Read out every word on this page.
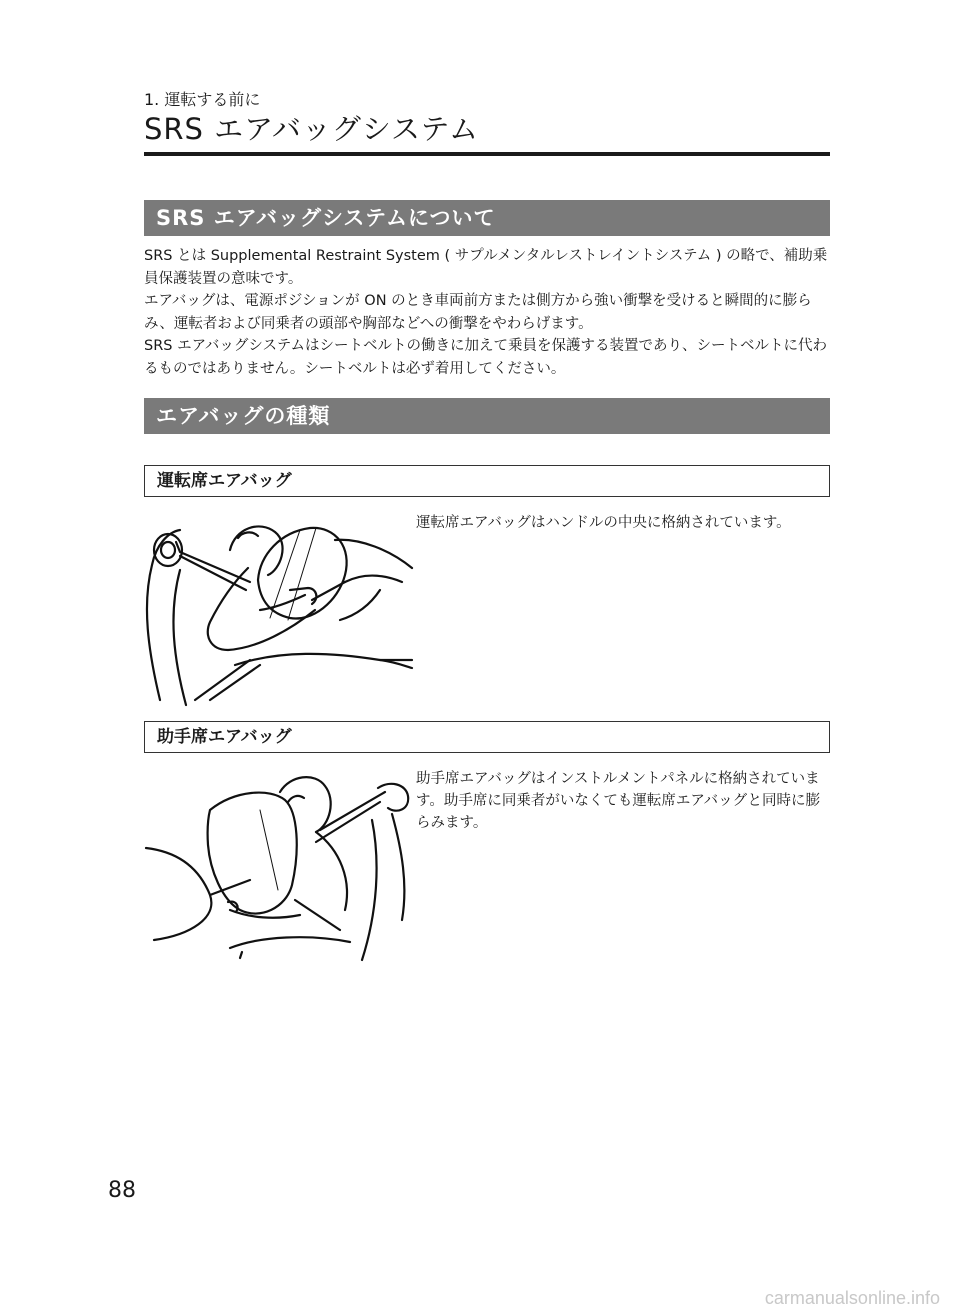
1. 運転する前に
SRS エアバッグシステム
SRS エアバッグシステムについて

SRS とは Supplemental Restraint System ( サプルメンタルレストレイントシステム ) の略で、補助乗員保護装置の意味です。

エアバッグは、電源ポジションが ON のとき車両前方または側方から強い衝撃を受けると瞬間的に膨らみ、運転者および同乗者の頭部や胸部などへの衝撃をやわらげます。

SRS エアバッグシステムはシートベルトの働きに加えて乗員を保護する装置であり、シートベルトに代わるものではありません。シートベルトは必ず着用してください。

エアバッグの種類
運転席エアバッグ
運転席エアバッグはハンドルの中央に格納されています。
助手席エアバッグ
助手席エアバッグはインストルメントパネルに格納されています。助手席に同乗者がいなくても運転席エアバッグと同時に膨らみます。
88
carmanualsonline.info
